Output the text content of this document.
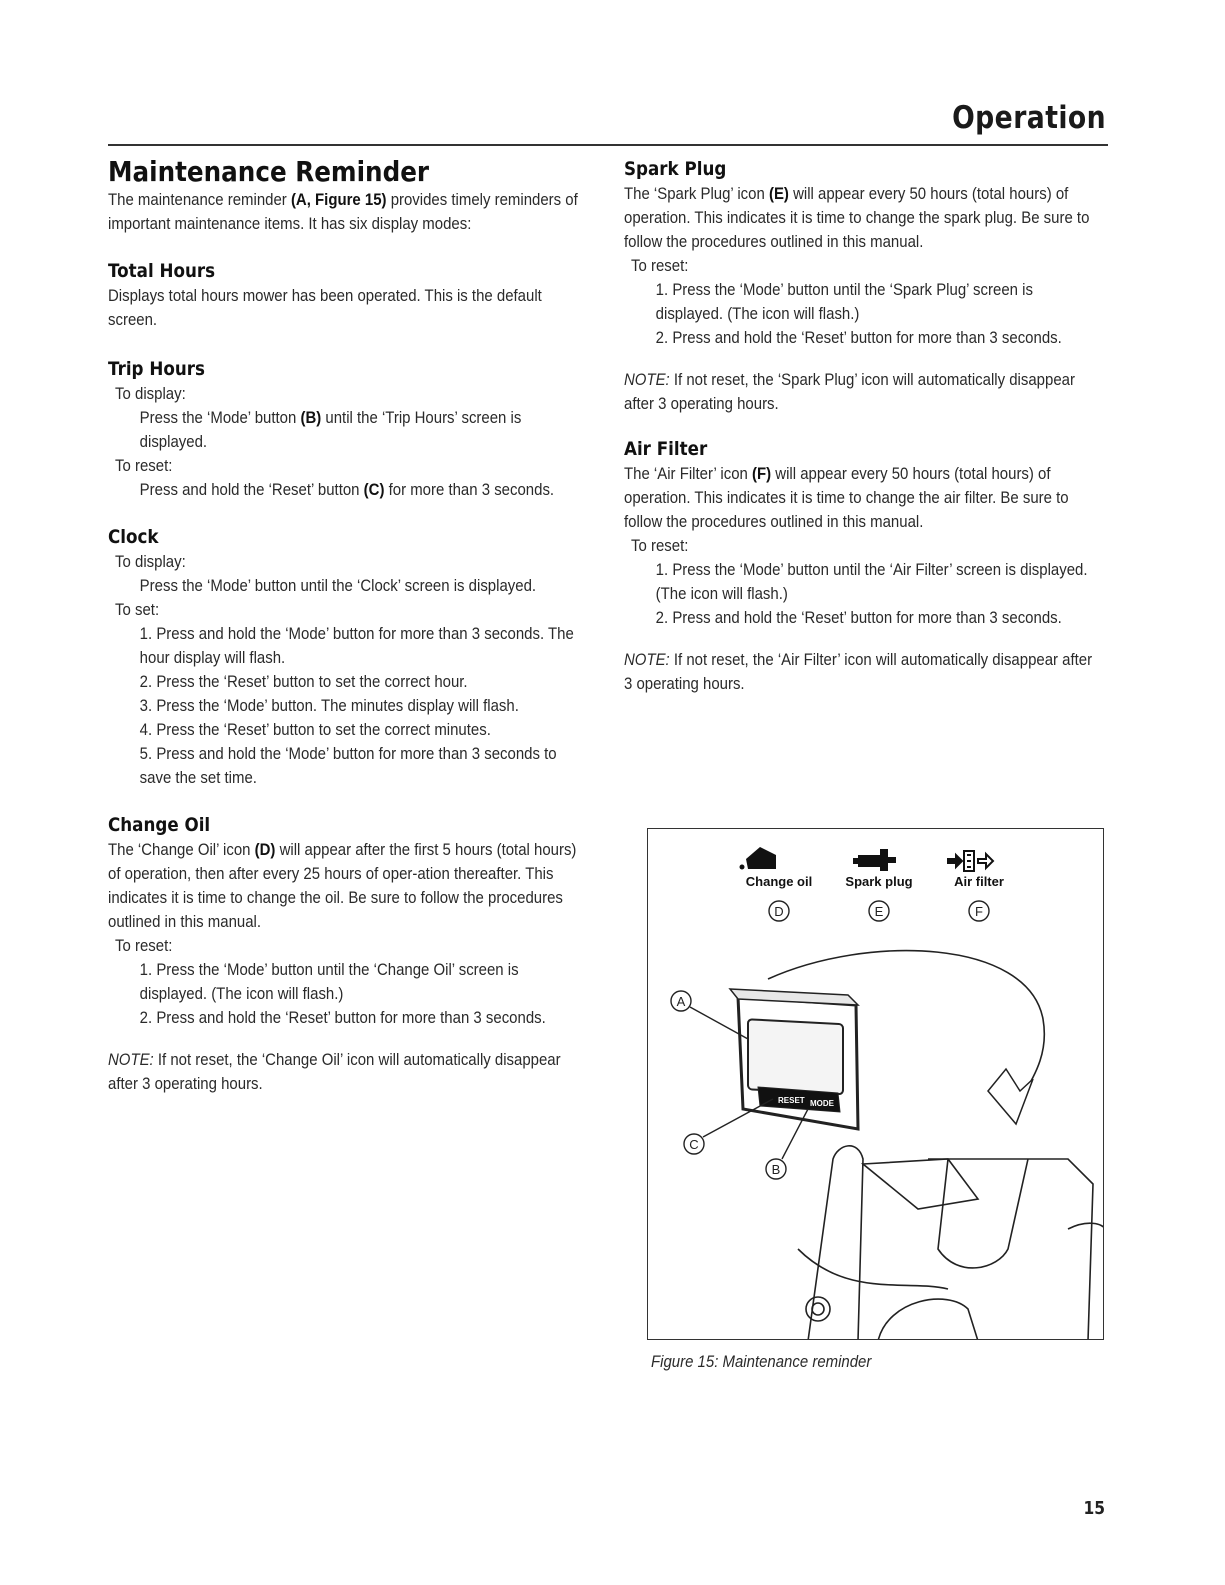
Operation
Maintenance Reminder

The maintenance reminder (A, Figure 15) provides timely reminders of important maintenance items. It has six display modes:

Total Hours

Displays total hours mower has been operated. This is the default screen.

Trip Hours
To display:
Press the ‘Mode’ button (B) until the ‘Trip Hours’ screen is displayed.
To reset:
Press and hold the ‘Reset’ button (C) for more than 3 seconds.
Clock
To display:
Press the ‘Mode’ button until the ‘Clock’ screen is displayed.
To set:
1. Press and hold the ‘Mode’ button for more than 3 seconds. The hour display will flash.
2. Press the ‘Reset’ button to set the correct hour.
3. Press the ‘Mode’ button. The minutes display will flash.
4. Press the ‘Reset’ button to set the correct minutes.
5. Press and hold the ‘Mode’ button for more than 3 seconds to save the set time.
Change Oil

The ‘Change Oil’ icon (D) will appear after the first 5 hours (total hours) of operation, then after every 25 hours of oper-ation thereafter. This indicates it is time to change the oil. Be sure to follow the procedures outlined in this manual.

To reset:
1. Press the ‘Mode’ button until the ‘Change Oil’ screen is displayed. (The icon will flash.)
2. Press and hold the ‘Reset’ button for more than 3 seconds.

NOTE: If not reset, the ‘Change Oil’ icon will automatically disappear after 3 operating hours.

Spark Plug

The ‘Spark Plug’ icon (E) will appear every 50 hours (total hours) of operation. This indicates it is time to change the spark plug. Be sure to follow the procedures outlined in this manual.

To reset:
1. Press the ‘Mode’ button until the ‘Spark Plug’ screen is displayed. (The icon will flash.)
2. Press and hold the ‘Reset’ button for more than 3 seconds.

NOTE: If not reset, the ‘Spark Plug’ icon will automatically disappear after 3 operating hours.

Air Filter

The ‘Air Filter’ icon (F) will appear every 50 hours (total hours) of operation. This indicates it is time to change the air filter. Be sure to follow the procedures outlined in this manual.

To reset:
1. Press the ‘Mode’ button until the ‘Air Filter’ screen is displayed. (The icon will flash.)
2. Press and hold the ‘Reset’ button for more than 3 seconds.

NOTE: If not reset, the ‘Air Filter’ icon will automatically disappear after 3 operating hours.

Change oil	Spark plug	Air filter
D	E	F
RESET MODE
A
B
C
Figure 15: Maintenance reminder
15
